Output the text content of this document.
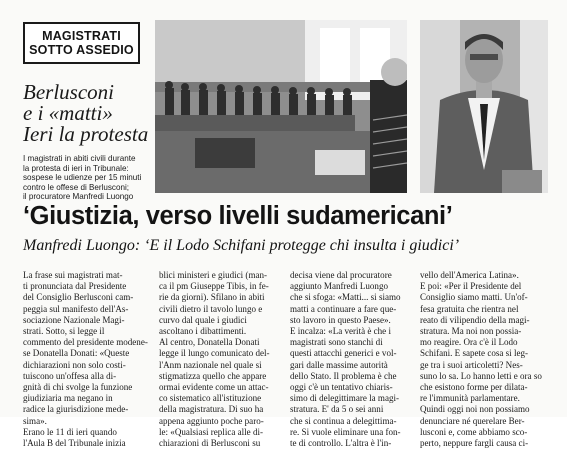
MAGISTRATI
SOTTO ASSEDIO
Berlusconi
e i «matti»
Ieri la protesta
I magistrati in abiti civili durante
la protesta di ieri in Tribunale:
sospese le udienze per 15 minuti
contro le offese di Berlusconi;
il procuratore Manfredi Luongo
‘Giustizia, verso livelli sudamericani’
Manfredi Luongo: ‘E il Lodo Schifani protegge chi insulta i giudici’
La frase sui magistrati mat-
ti pronunciata dal Presidente
del Consiglio Berlusconi cam-
peggia sul manifesto dell'As-
sociazione Nazionale Magi-
strati. Sotto, si legge il
commento del presidente modene-
se Donatella Donati: «Queste
dichiarazioni non solo costi-
tuiscono un'offesa alla di-
gnità di chi svolge la funzione
giudiziaria ma negano in
radice la giurisdizione mede-
sima».
Erano le 11 di ieri quando
l'Aula B del Tribunale inizia
blici ministeri e giudici (man-
ca il pm Giuseppe Tibis, in fe-
rie da giorni). Sfilano in abiti
civili dietro il tavolo lungo e
curvo dal quale i giudici
ascoltano i dibattimenti.
Al centro, Donatella Donati
legge il lungo comunicato del-
l'Anm nazionale nel quale si
stigmatizza quello che appare
ormai evidente come un attac-
co sistematico all'istituzione
della magistratura. Di suo ha
appena aggiunto poche paro-
le: «Qualsiasi replica alle di-
chiarazioni di Berlusconi su
decisa viene dal procuratore
aggiunto Manfredi Luongo
che si sfoga: «Matti... si siamo
matti a continuare a fare que-
sto lavoro in questo Paese».
E incalza: «La verità è che i
magistrati sono stanchi di
questi attacchi generici e vol-
gari dalle massime autorità
dello Stato. Il problema è che
oggi c'è un tentativo chiaris-
simo di delegittimare la magi-
stratura. E' da 5 o sei anni
che si continua a delegittima-
re. Si vuole eliminare una fon-
te di controllo. L'altra è l'in-
vello dell'America Latina».
E poi: «Per il Presidente del
Consiglio siamo matti. Un'of-
fesa gratuita che rientra nel
reato di vilipendio della magi-
stratura. Ma noi non possia-
mo reagire. Ora c'è il Lodo
Schifani. E sapete cosa si leg-
ge tra i suoi articoletti? Nes-
suno lo sa. Lo hanno letti e ora so
che esistono forme per dilata-
re l'immunità parlamentare.
Quindi oggi noi non possiamo
denunciare né querelare Ber-
lusconi e, come abbiamo sco-
perto, neppure fargli causa ci-
